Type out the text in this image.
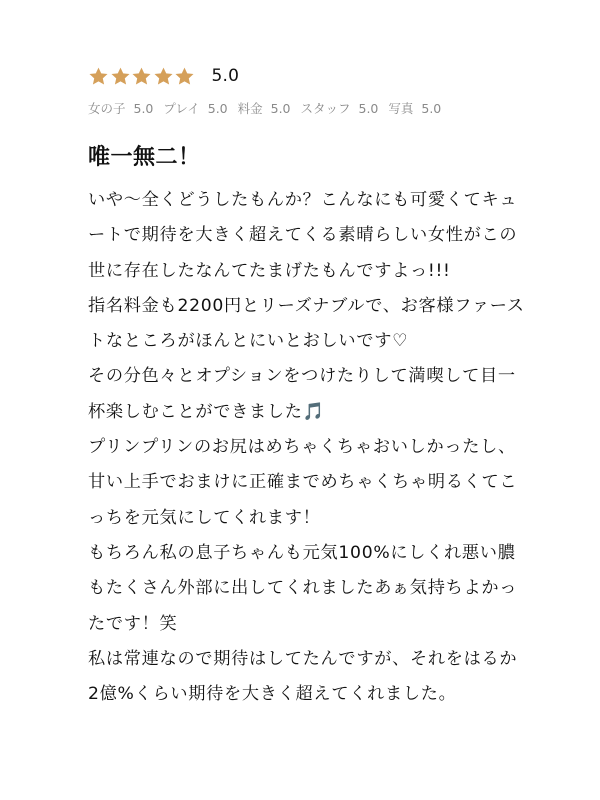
5.0
女の子 5.0 プレイ 5.0 料金 5.0 スタッフ 5.0 写真 5.0
唯一無二！
いや〜全くどうしたもんか？こんなにも可愛くてキュートで期待を大きく超えてくる素晴らしい女性がこの世に存在したなんてたまげたもんですよっ!!!
指名料金も2200円とリーズナブルで、お客様ファーストなところがほんとにいとおしいです♡
その分色々とオプションをつけたりして満喫して目一杯楽しむことができました🎵
プリンプリンのお尻はめちゃくちゃおいしかったし、甘い上手でおまけに正確までめちゃくちゃ明るくてこっちを元気にしてくれます！
もちろん私の息子ちゃんも元気100%にしくれ悪い膿もたくさん外部に出してくれましたあぁ気持ちよかったです！笑
私は常連なので期待はしてたんですが、それをはるか2億%くらい期待を大きく超えてくれました。
